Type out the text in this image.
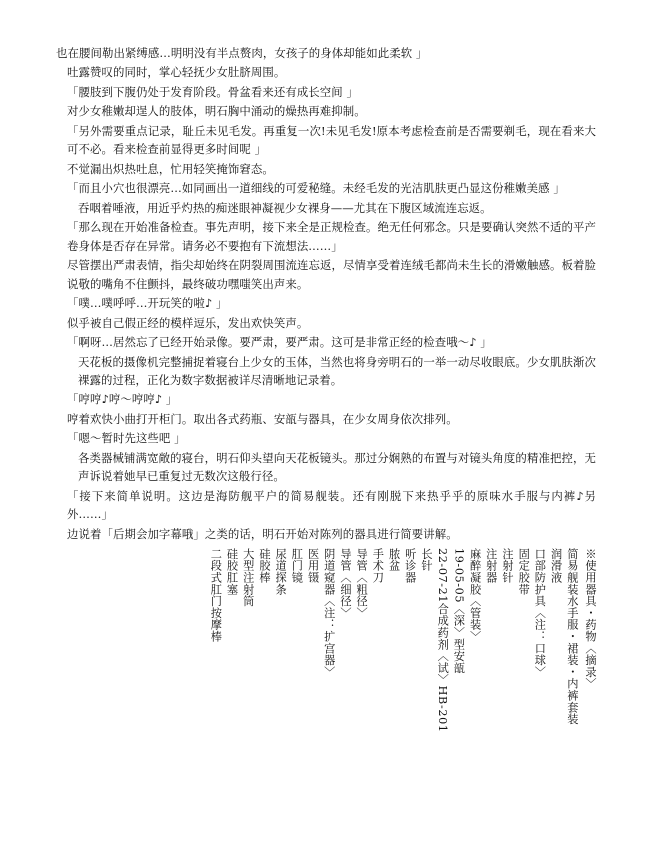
也在腰间勒出紧缚感…明明没有半点赘肉，女孩子的身体却能如此柔软 」

吐露赞叹的同时，掌心轻抚少女肚脐周围。

「腰肢到下腹仍处于发育阶段。骨盆看来还有成长空间 」

对少女稚嫩却逞人的肢体，明石胸中涌动的燥热再难抑制。

「另外需要重点记录，耻丘未见毛发。再重复一次!未见毛发!原本考虑检查前是否需要剃毛，现在看来大可不必。看来检查前显得更多时间呢 」

不觉漏出炽热吐息，忙用轻笑掩饰窘态。

「而且小穴也很漂亮…如同画出一道细线的可爱秘缝。未经毛发的光洁肌肤更凸显这份稚嫩美感 」

吞咽着唾液，用近乎灼热的痴迷眼神凝视少女裸身——尤其在下腹区域流连忘返。

「那么现在开始准备检查。事先声明，接下来全是正规检查。绝无任何邪念。只是要确认突然不适的平产卷身体是否存在异常。请务必不要抱有下流想法……」

尽管摆出严肃表情，指尖却始终在阴裂周围流连忘返，尽情享受着连绒毛都尚未生长的滑嫩触感。板着脸说敬的嘴角不住颤抖，最终破功嘿嗤笑出声来。

「噗…噗呼呼…开玩笑的啦♪ 」

似乎被自己假正经的模样逗乐，发出欢快笑声。

「啊呀…居然忘了已经开始录像。要严肃，要严肃。这可是非常正经的检查哦～♪ 」

天花板的摄像机完整捕捉着寝台上少女的玉体，当然也将身旁明石的一举一动尽收眼底。少女肌肤渐次裸露的过程，正化为数字数据被详尽清晰地记录着。

「哼哼♪哼～哼哼♪ 」

哼着欢快小曲打开柜门。取出各式药瓶、安瓿与器具，在少女周身依次排列。

「嗯～暂时先这些吧 」

各类器械铺满宽敞的寝台，明石仰头望向天花板镜头。那过分娴熟的布置与对镜头角度的精准把控，无声诉说着她早已重复过无数次这般行径。

「接下来简单说明。这边是海防舰平户的简易舰装。还有刚脱下来热乎乎的原味水手服与内裤♪另外……」

边说着「后期会加字幕哦」之类的话，明石开始对陈列的器具进行简要讲解。

※使用器具・药物〈摘录〉
简易舰装水手服・裙装・内裤套装
润滑液
口部防护具〈注：口球〉
固定胶带
注射针
注射器
麻醉凝胶〈管装〉
19-05-05〈深〉型安瓿
22-07-21合成药剂〈试〉HB-201
长针
听诊器
脓盆
手术刀
导管〈粗径〉
导管〈细径〉
阴道窥器〈注：扩宫器〉
医用镊
肛门镜
尿道探条
硅胶棒
大型注射筒
硅胶肛塞
二段式肛门按摩棒
